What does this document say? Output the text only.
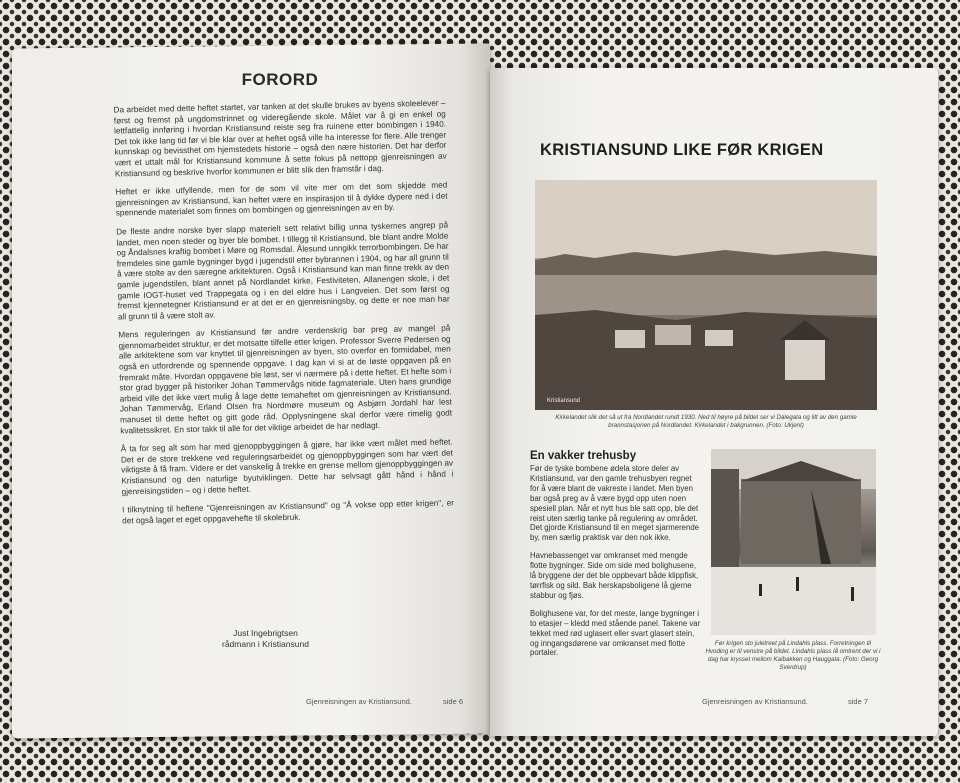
FORORD

Da arbeidet med dette heftet startet, var tanken at det skulle brukes av byens skoleelever – først og fremst på ungdomstrinnet og videregående skole. Målet var å gi en enkel og lettfattelig innføring i hvordan Kristiansund reiste seg fra ruinene etter bombingen i 1940. Det tok ikke lang tid før vi ble klar over at heftet også ville ha interesse for flere. Alle trenger kunnskap og bevissthet om hjemstedets historie – også den nære historien. Det har derfor vært et uttalt mål for Kristiansund kommune å sette fokus på nettopp gjenreisningen av Kristiansund og beskrive hvorfor kommunen er blitt slik den framstår i dag.

Heftet er ikke utfyllende, men for de som vil vite mer om det som skjedde med gjenreisningen av Kristiansund, kan heftet være en inspirasjon til å dykke dypere ned i det spennende materialet som finnes om bombingen og gjenreisningen av en by.

De fleste andre norske byer slapp materielt sett relativt billig unna tyskernes angrep på landet, men noen steder og byer ble bombet. I tillegg til Kristiansund, ble blant andre Molde og Åndalsnes kraftig bombet i Møre og Romsdal. Ålesund unngikk terrorbombingen. De har fremdeles sine gamle bygninger bygd i jugendstil etter bybrannen i 1904, og har all grunn til å være stolte av den særegne arkitekturen. Også i Kristiansund kan man finne trekk av den gamle jugendstilen, blant annet på Nordlandet kirke, Festiviteten, Allanengen skole, i det gamle IOGT-huset ved Trappegata og i en del eldre hus i Langveien. Det som først og fremst kjennetegner Kristiansund er at det er en gjenreisningsby, og dette er noe man har all grunn til å være stolt av.

Mens reguleringen av Kristiansund før andre verdenskrig bar preg av mangel på gjennomarbeidet struktur, er det motsatte tilfelle etter krigen. Professor Sverre Pedersen og alle arkitektene som var knyttet til gjenreisningen av byen, sto overfor en formidabel, men også en utfordrende og spennende oppgave. I dag kan vi si at de løste oppgaven på en fremrakt måte. Hvordan oppgavene ble løst, ser vi nærmere på i dette heftet. Et hefte som i stor grad bygger på historiker Johan Tømmervågs nitide fagmateriale. Uten hans grundige arbeid ville det ikke vært mulig å lage dette temaheftet om gjenreisningen av Kristiansund. Johan Tømmervåg, Erland Olsen fra Nordmøre museum og Asbjørn Jordahl har lest manuset til dette heftet og gitt gode råd. Opplysningene skal derfor være rimelig godt kvalitetssikret. En stor takk til alle for det viktige arbeidet de har nedlagt.

Å ta for seg alt som har med gjenoppbyggingen å gjøre, har ikke vært målet med heftet. Det er de store trekkene ved reguleringsarbeidet og gjenoppbyggingen som har vært det viktigste å få fram. Videre er det vanskelig å trekke en grense mellom gjenoppbyggingen av Kristiansund og den naturlige byutviklingen. Dette har selvsagt gått hånd i hånd i gjenreisingstiden – og i dette heftet.

I tilknytning til heftene "Gjenreisningen av Kristiansund" og "Å vokse opp etter krigen", er det også laget et eget oppgavehefte til skolebruk.

Just Ingebrigtsen
rådmann i Kristiansund
Gjenreisningen av Kristiansund.	side 6
KRISTIANSUND LIKE FØR KRIGEN
Kristiansund
Kirkelandet slik det så ut fra Nordlandet rundt 1930. Ned til høyre på bildet ser vi Dalegata og litt av den gamle brannstasjonen på Nordlandet. Kirkelandet i bakgrunnen. (Foto: Ukjent)
En vakker trehusby

Før de tyske bombene ødela store deler av Kristiansund, var den gamle trehusbyen regnet for å være blant de vakreste i landet. Men byen bar også preg av å være bygd opp uten noen spesiell plan. Når et nytt hus ble satt opp, ble det reist uten særlig tanke på regulering av området. Det gjorde Kristiansund til en meget sjarmerende by, men særlig praktisk var den nok ikke.

Havnebassenget var omkranset med mengde flotte bygninger. Side om side med bolighusene, lå bryggene der det ble oppbevart både klippfisk, tørrfisk og sild. Bak herskapsboligene lå gjerne stabbur og fjøs.

Bolighusene var, for det meste, lange bygninger i to etasjer – kledd med stående panel. Takene var tekket med rød uglasert eller svart glasert stein, og inngangsdørene var omkranset med flotte portaler.

Før krigen sto juletreet på Lindahls plass. Forretningen til Hvoding er til venstre på bildet. Lindahls plass lå omtrent der vi i dag har krysset mellom Kaibakken og Hauggata. (Foto: Georg Sverdrup)
Gjenreisningen av Kristiansund.	side 7
